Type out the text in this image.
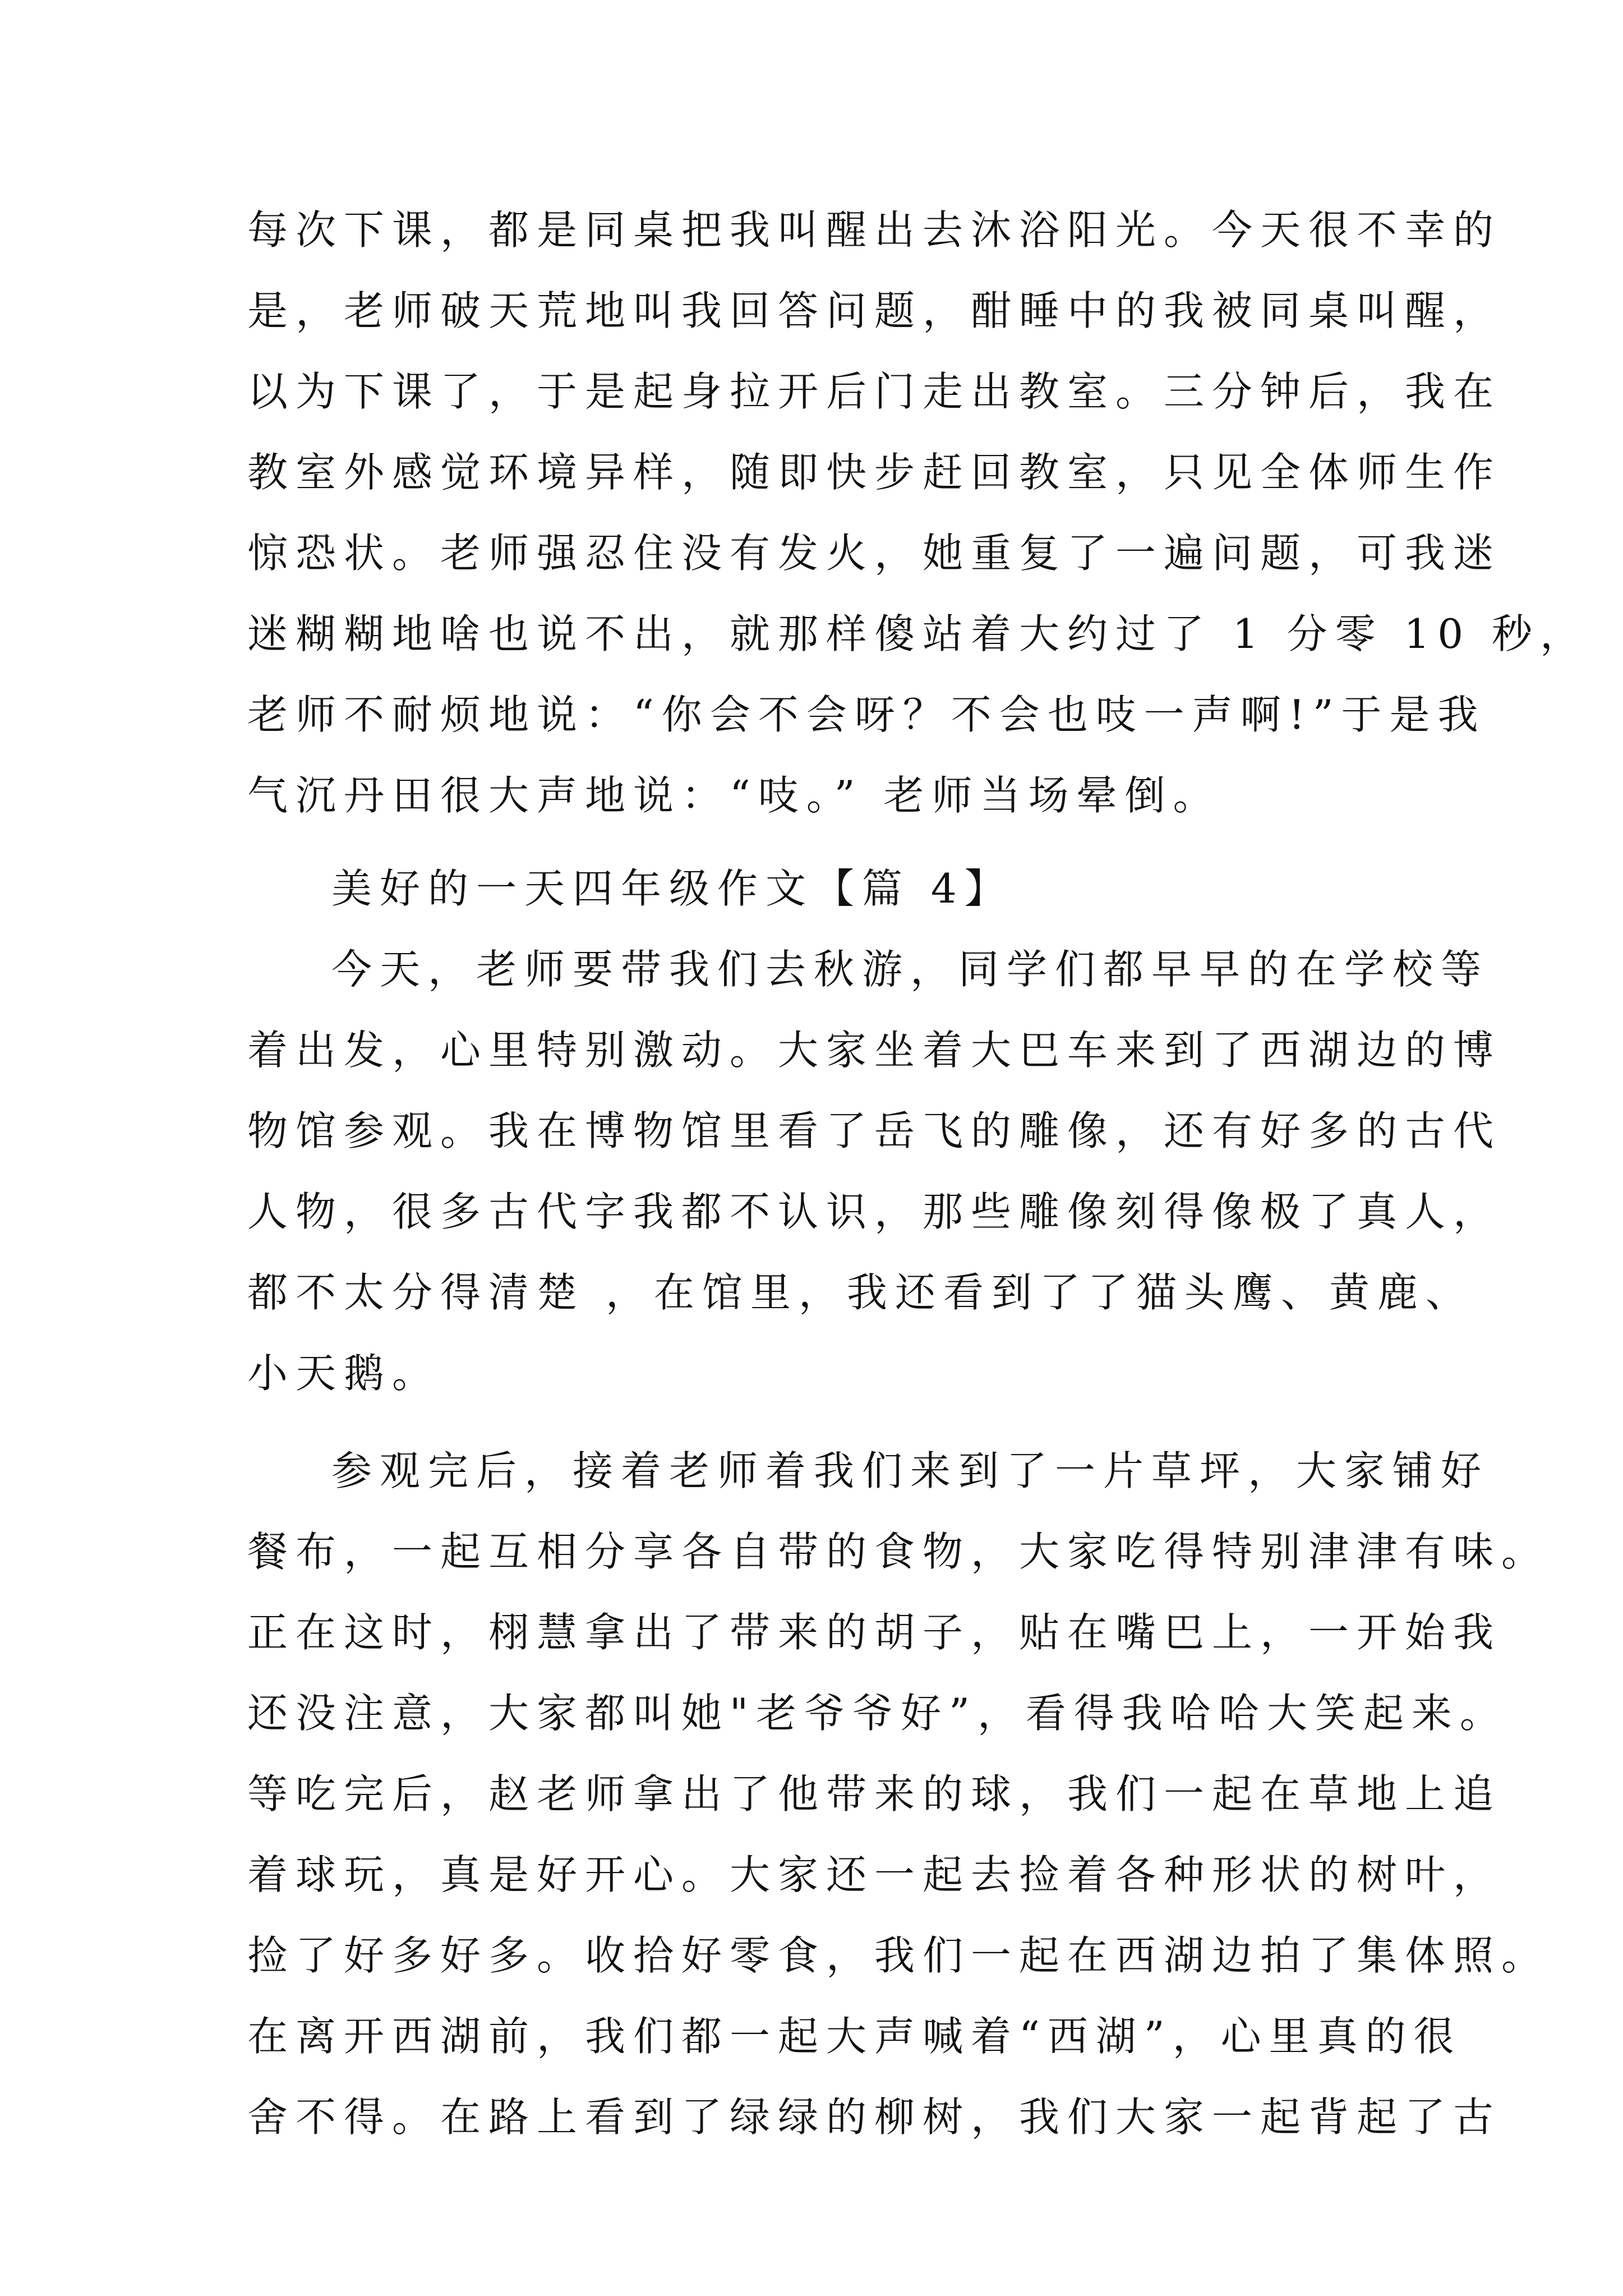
每次下课，都是同桌把我叫醒出去沐浴阳光。今天很不幸的
是，老师破天荒地叫我回答问题，酣睡中的我被同桌叫醒，
以为下课了，于是起身拉开后门走出教室。三分钟后，我在
教室外感觉环境异样，随即快步赶回教室，只见全体师生作
惊恐状。老师强忍住没有发火，她重复了一遍问题，可我迷
迷糊糊地啥也说不出，就那样傻站着大约过了 1 分零 10 秒，
老师不耐烦地说：“你会不会呀？不会也吱一声啊!”于是我
气沉丹田很大声地说：“吱。” 老师当场晕倒。
美好的一天四年级作文【篇 4】
今天，老师要带我们去秋游，同学们都早早的在学校等
着出发，心里特别激动。大家坐着大巴车来到了西湖边的博
物馆参观。我在博物馆里看了岳飞的雕像，还有好多的古代
人物，很多古代字我都不认识，那些雕像刻得像极了真人，
都不太分得清楚 ，在馆里，我还看到了了猫头鹰、黄鹿、
小天鹅。
参观完后，接着老师着我们来到了一片草坪，大家铺好
餐布，一起互相分享各自带的食物，大家吃得特别津津有味。
正在这时，栩慧拿出了带来的胡子，贴在嘴巴上，一开始我
还没注意，大家都叫她"老爷爷好”，看得我哈哈大笑起来。
等吃完后，赵老师拿出了他带来的球，我们一起在草地上追
着球玩，真是好开心。大家还一起去捡着各种形状的树叶，
捡了好多好多。收拾好零食，我们一起在西湖边拍了集体照。
在离开西湖前，我们都一起大声喊着“西湖”，心里真的很
舍不得。在路上看到了绿绿的柳树，我们大家一起背起了古
